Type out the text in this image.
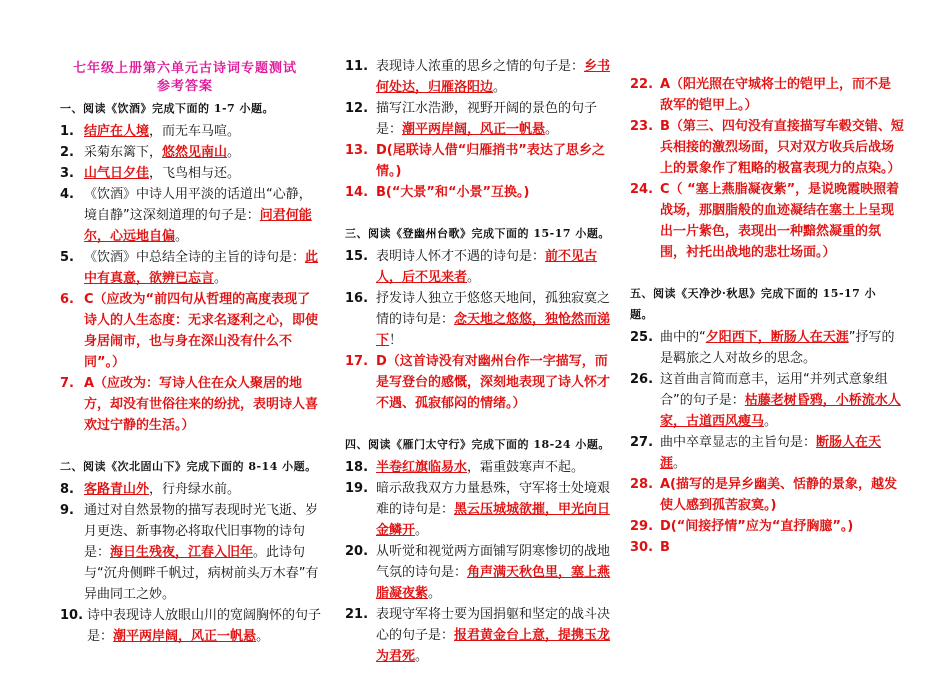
七年级上册第六单元古诗词专题测试
参考答案
一、阅读《饮酒》完成下面的 1-7 小题。
1. 结庐在人境，而无车马喧。
2. 采菊东篱下，悠然见南山。
3. 山气日夕佳，飞鸟相与还。
4. 《饮酒》中诗人用平淡的话道出“心静，境自静”这深刻道理的句子是：问君何能尔，心远地自偏。
5. 《饮酒》中总结全诗的主旨的诗句是：此中有真意，欲辨已忘言。
6. C（应改为“前四句从哲理的高度表现了诗人的人生态度：无求名逐利之心，即使身居闹市，也与身在深山没有什么不同”。）
7. A（应改为：写诗人住在众人聚居的地方，却没有世俗往来的纷扰，表明诗人喜欢过宁静的生活。）
二、阅读《次北固山下》完成下面的 8-14 小题。
8. 客路青山外，行舟绿水前。
9. 通过对自然景物的描写表现时光飞逝、岁月更迭、新事物必将取代旧事物的诗句是：海日生残夜，江春入旧年。此诗句与“沉舟侧畔千帆过，病树前头万木春”有异曲同工之妙。
10. 诗中表现诗人放眼山川的宽阔胸怀的句子是：潮平两岸阔，风正一帆悬。
11. 表现诗人浓重的思乡之情的句子是：乡书何处达，归雁洛阳边。
12. 描写江水浩渺，视野开阔的景色的句子是：潮平两岸阔，风正一帆悬。
13. D(尾联诗人借“归雁捎书”表达了思乡之情。)
14. B(“大景”和“小景”互换。)
三、阅读《登幽州台歌》完成下面的 15-17 小题。
15. 表明诗人怀才不遇的诗句是：前不见古人，后不见来者。
16. 抒发诗人独立于悠悠天地间，孤独寂寞之情的诗句是：念天地之悠悠，独怆然而涕下！
17. D（这首诗没有对幽州台作一字描写，而是写登台的感慨，深刻地表现了诗人怀才不遇、孤寂郁闷的情绪。）
四、阅读《雁门太守行》完成下面的 18-24 小题。
18. 半卷红旗临易水，霜重鼓寒声不起。
19. 暗示敌我双方力量悬殊，守军将士处境艰难的诗句是：黑云压城城欲摧，甲光向日金鳞开。
20. 从听觉和视觉两方面铺写阴寒惨切的战地气氛的诗句是：角声满天秋色里，塞上燕脂凝夜紫。
21. 表现守军将士要为国捐躯和坚定的战斗决心的句子是：报君黄金台上意，提携玉龙为君死。
22. A（阳光照在守城将士的铠甲上，而不是敌军的铠甲上。）
23. B（第三、四句没有直接描写车毂交错、短兵相接的激烈场面，只对双方收兵后战场上的景象作了粗略的极富表现力的点染。）
24. C（ “塞上燕脂凝夜紫”，是说晚霞映照着战场，那胭脂般的血迹凝结在塞土上呈现出一片紫色，表现出一种黯然凝重的氛围，衬托出战地的悲壮场面。）
五、阅读《天净沙·秋思》完成下面的 15-17 小
题。
25. 曲中的“夕阳西下，断肠人在天涯”抒写的是羁旅之人对故乡的思念。
26. 这首曲言简而意丰，运用“并列式意象组合”的句子是：枯藤老树昏鸦，小桥流水人家，古道西风瘦马。
27. 曲中卒章显志的主旨句是：断肠人在天涯。
28. A(描写的是异乡幽美、恬静的景象，越发使人感到孤苦寂寞。)
29. D(“间接抒情”应为“直抒胸臆”。)
30. B
